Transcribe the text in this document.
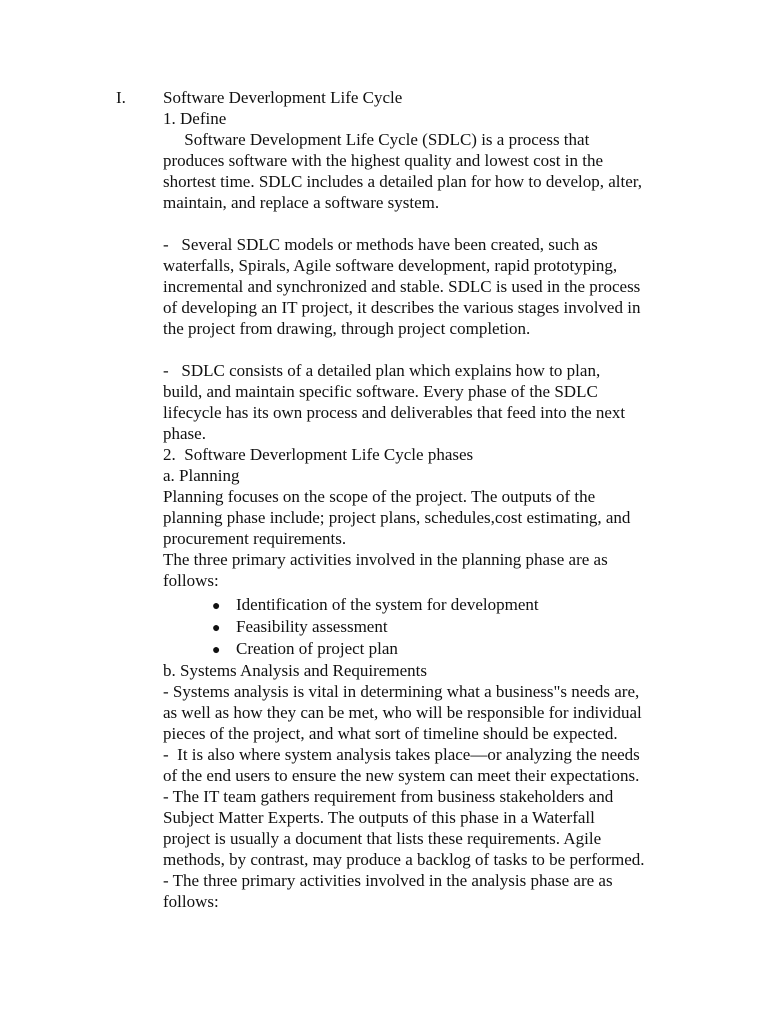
I. Software Deverlopment Life Cycle
1. Define
Software Development Life Cycle (SDLC) is a process that
produces software with the highest quality and lowest cost in the
shortest time. SDLC includes a detailed plan for how to develop, alter,
maintain, and replace a software system.
-   Several SDLC models or methods have been created, such as
waterfalls, Spirals, Agile software development, rapid prototyping,
incremental and synchronized and stable. SDLC is used in the process
of developing an IT project, it describes the various stages involved in
the project from drawing, through project completion.
-   SDLC consists of a detailed plan which explains how to plan,
build, and maintain specific software. Every phase of the SDLC
lifecycle has its own process and deliverables that feed into the next
phase.
2.  Software Deverlopment Life Cycle phases
a. Planning
Planning focuses on the scope of the project. The outputs of the
planning phase include; project plans, schedules,cost estimating, and
procurement requirements.
The three primary activities involved in the planning phase are as
follows:
● Identification of the system for development
● Feasibility assessment
● Creation of project plan
b. Systems Analysis and Requirements
- Systems analysis is vital in determining what a business"s needs are,
as well as how they can be met, who will be responsible for individual
pieces of the project, and what sort of timeline should be expected.
-  It is also where system analysis takes place—or analyzing the needs
of the end users to ensure the new system can meet their expectations.
- The IT team gathers requirement from business stakeholders and
Subject Matter Experts. The outputs of this phase in a Waterfall
project is usually a document that lists these requirements. Agile
methods, by contrast, may produce a backlog of tasks to be performed.
- The three primary activities involved in the analysis phase are as
follows:
